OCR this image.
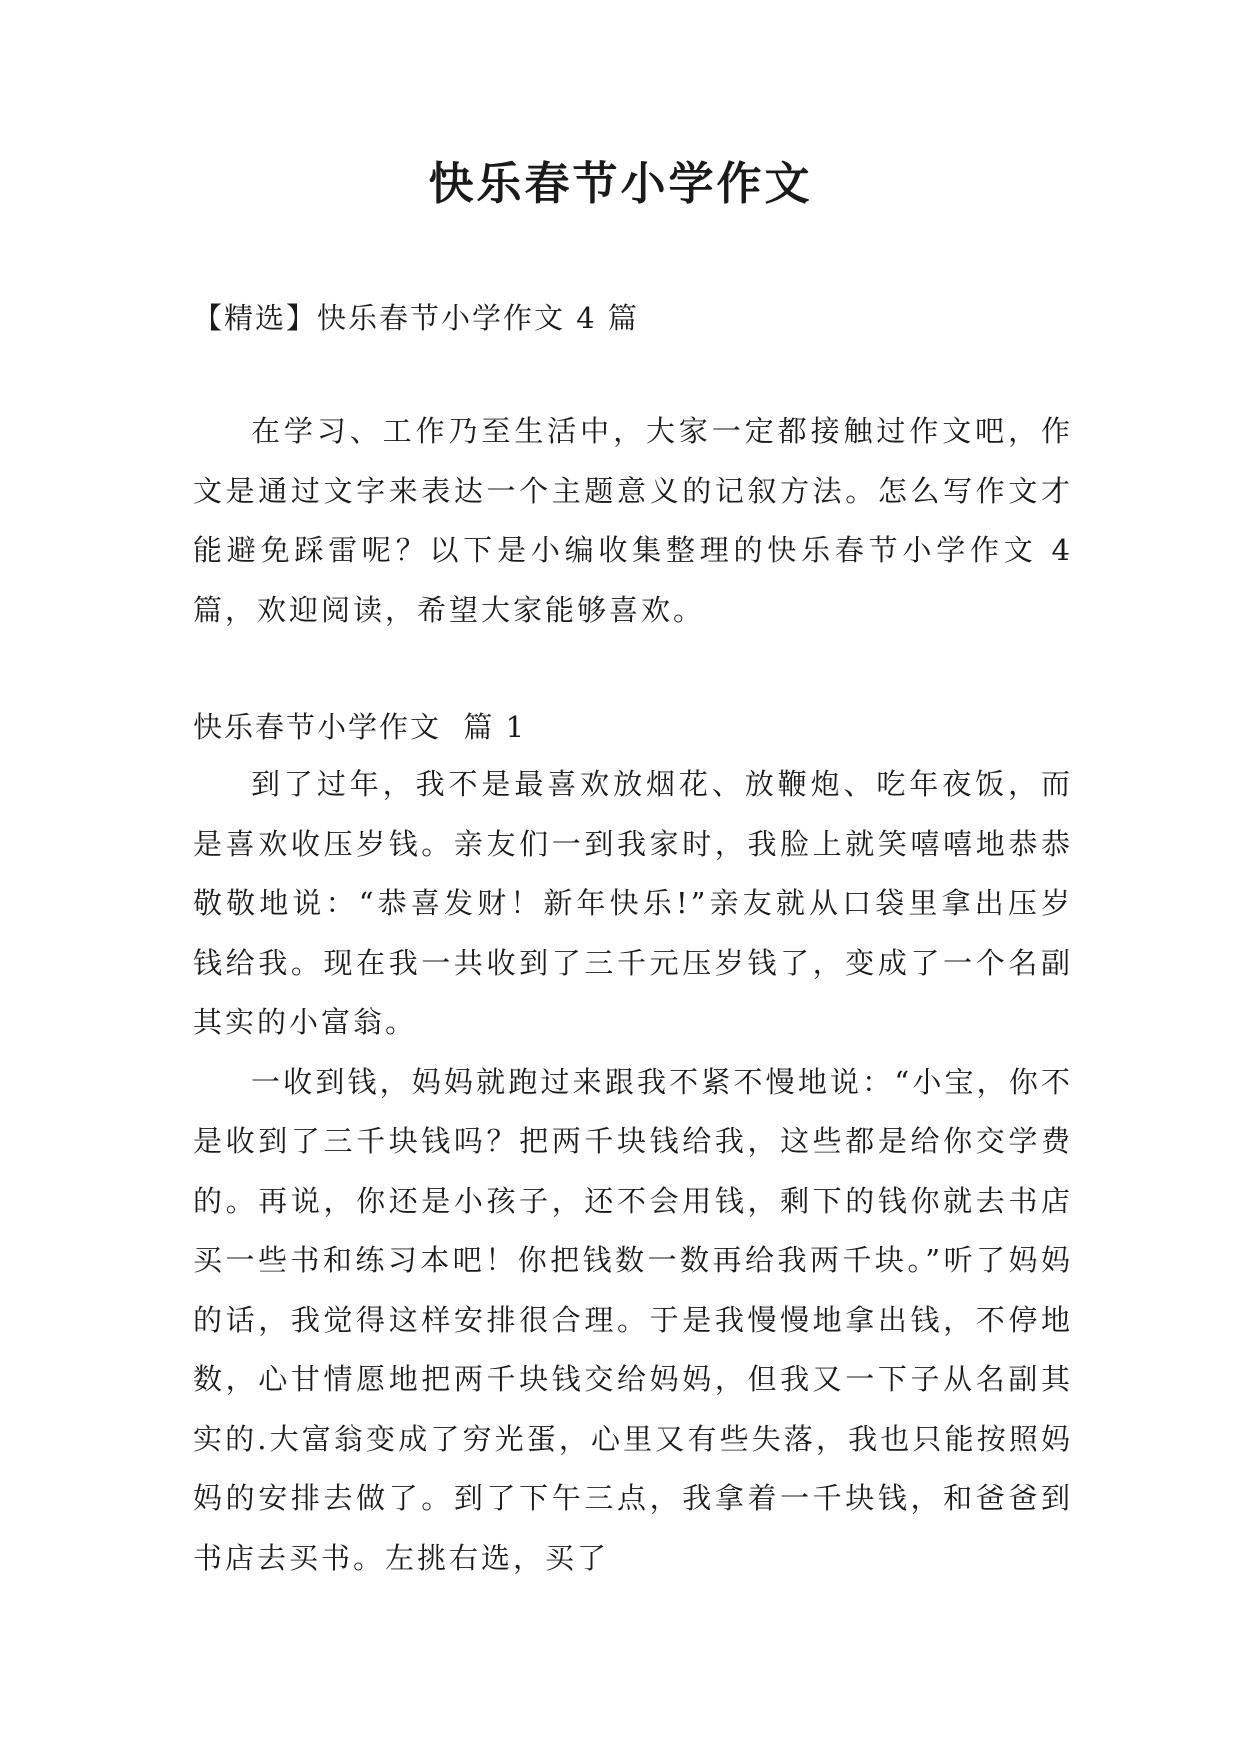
快乐春节小学作文
【精选】快乐春节小学作文 4 篇

在学习、工作乃至生活中，大家一定都接触过作文吧，作文是通过文字来表达一个主题意义的记叙方法。怎么写作文才能避免踩雷呢？以下是小编收集整理的快乐春节小学作文 4 篇，欢迎阅读，希望大家能够喜欢。

快乐春节小学作文  篇 1

到了过年，我不是最喜欢放烟花、放鞭炮、吃年夜饭，而是喜欢收压岁钱。亲友们一到我家时，我脸上就笑嘻嘻地恭恭敬敬地说：“恭喜发财！新年快乐!”亲友就从口袋里拿出压岁钱给我。现在我一共收到了三千元压岁钱了，变成了一个名副其实的小富翁。

一收到钱，妈妈就跑过来跟我不紧不慢地说：“小宝，你不是收到了三千块钱吗？把两千块钱给我，这些都是给你交学费的。再说，你还是小孩子，还不会用钱，剩下的钱你就去书店买一些书和练习本吧！你把钱数一数再给我两千块。”听了妈妈的话，我觉得这样安排很合理。于是我慢慢地拿出钱，不停地数，心甘情愿地把两千块钱交给妈妈，但我又一下子从名副其实的.大富翁变成了穷光蛋，心里又有些失落，我也只能按照妈妈的安排去做了。到了下午三点，我拿着一千块钱，和爸爸到书店去买书。左挑右选，买了
